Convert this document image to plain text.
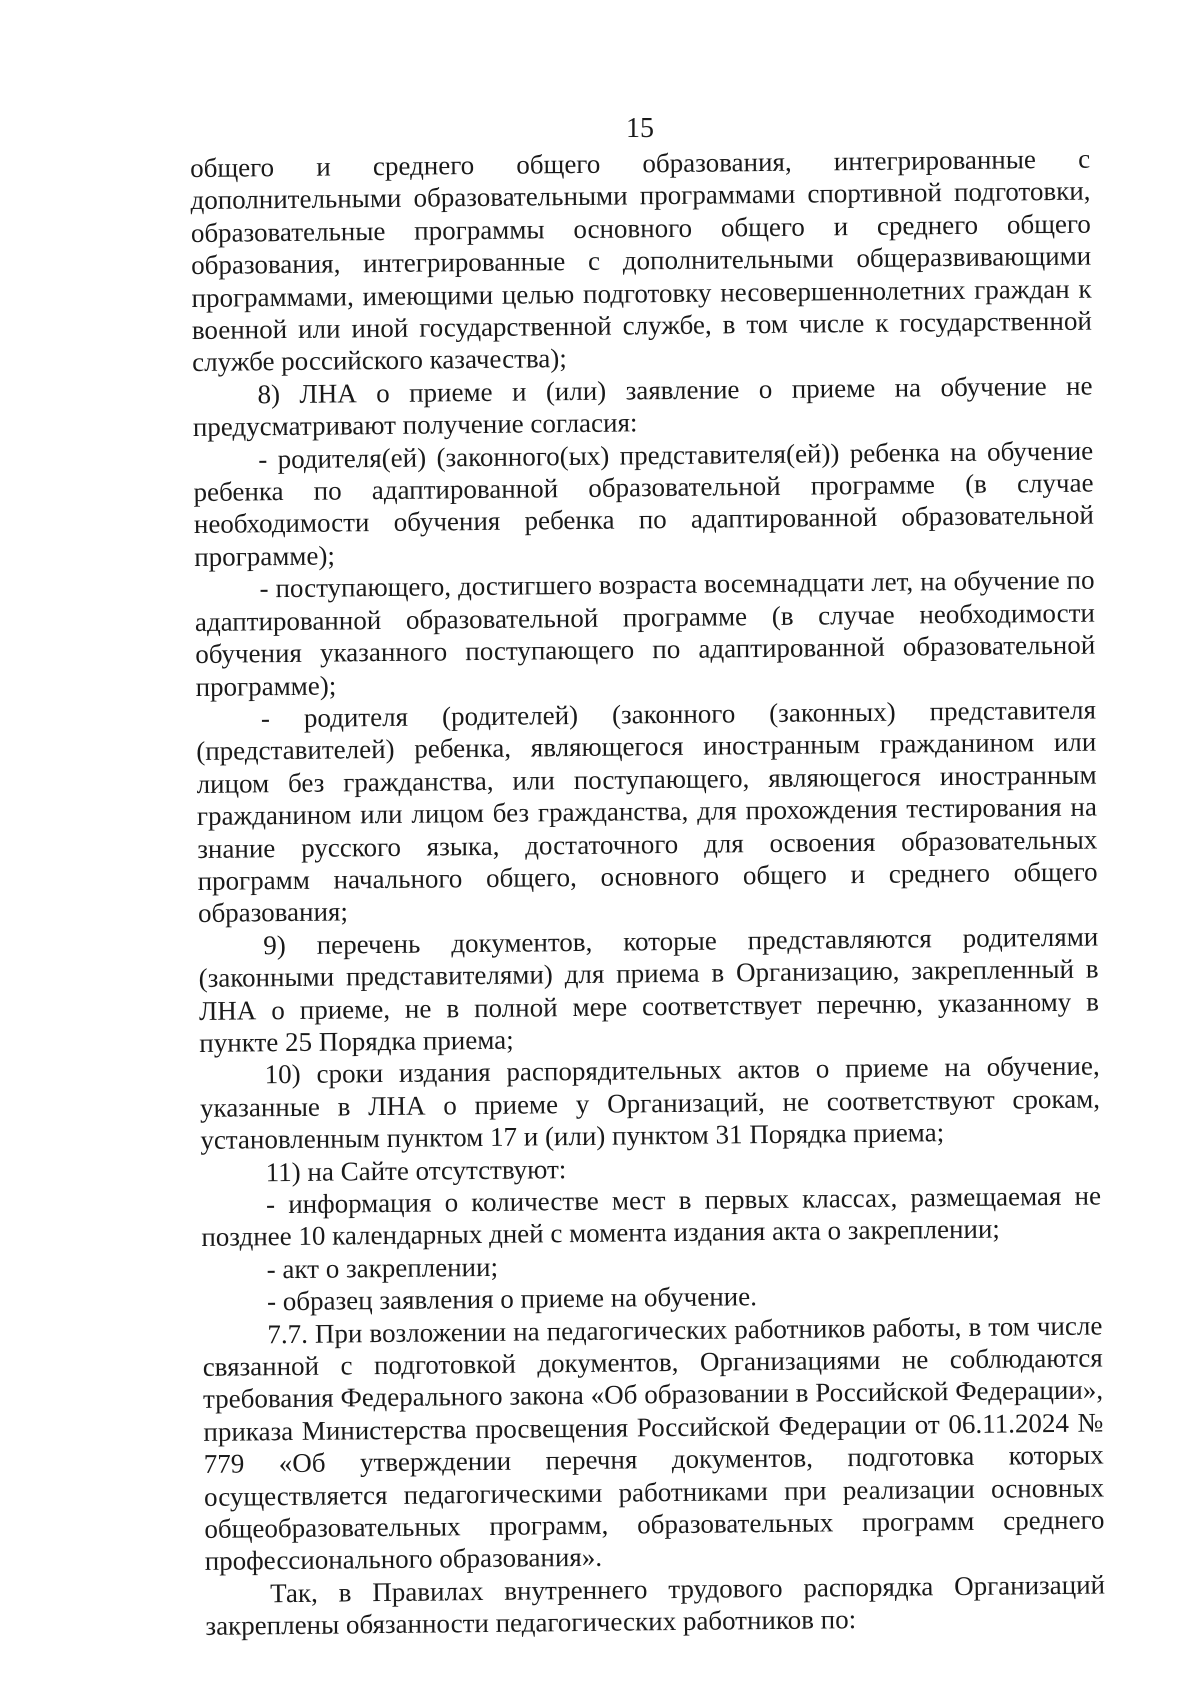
15

общего и среднего общего образования, интегрированные с дополнительными образовательными программами спортивной подготовки, образовательные программы основного общего и среднего общего образования, интегрированные с дополнительными общеразвивающими программами, имеющими целью подготовку несовершеннолетних граждан к военной или иной государственной службе, в том числе к государственной службе российского казачества);

8) ЛНА о приеме и (или) заявление о приеме на обучение не предусматривают получение согласия:

- родителя(ей) (законного(ых) представителя(ей)) ребенка на обучение ребенка по адаптированной образовательной программе (в случае необходимости обучения ребенка по адаптированной образовательной программе);

- поступающего, достигшего возраста восемнадцати лет, на обучение по адаптированной образовательной программе (в случае необходимости обучения указанного поступающего по адаптированной образовательной программе);

- родителя (родителей) (законного (законных) представителя (представителей) ребенка, являющегося иностранным гражданином или лицом без гражданства, или поступающего, являющегося иностранным гражданином или лицом без гражданства, для прохождения тестирования на знание русского языка, достаточного для освоения образовательных программ начального общего, основного общего и среднего общего образования;

9) перечень документов, которые представляются родителями (законными представителями) для приема в Организацию, закрепленный в ЛНА о приеме, не в полной мере соответствует перечню, указанному в пункте 25 Порядка приема;

10) сроки издания распорядительных актов о приеме на обучение, указанные в ЛНА о приеме у Организаций, не соответствуют срокам, установленным пунктом 17 и (или) пунктом 31 Порядка приема;

11) на Сайте отсутствуют:

- информация о количестве мест в первых классах, размещаемая не позднее 10 календарных дней с момента издания акта о закреплении;

- акт о закреплении;

- образец заявления о приеме на обучение.

7.7. При возложении на педагогических работников работы, в том числе связанной с подготовкой документов, Организациями не соблюдаются требования Федерального закона «Об образовании в Российской Федерации», приказа Министерства просвещения Российской Федерации от 06.11.2024 № 779 «Об утверждении перечня документов, подготовка которых осуществляется педагогическими работниками при реализации основных общеобразовательных программ, образовательных программ среднего профессионального образования».

Так, в Правилах внутреннего трудового распорядка Организаций закреплены обязанности педагогических работников по:
